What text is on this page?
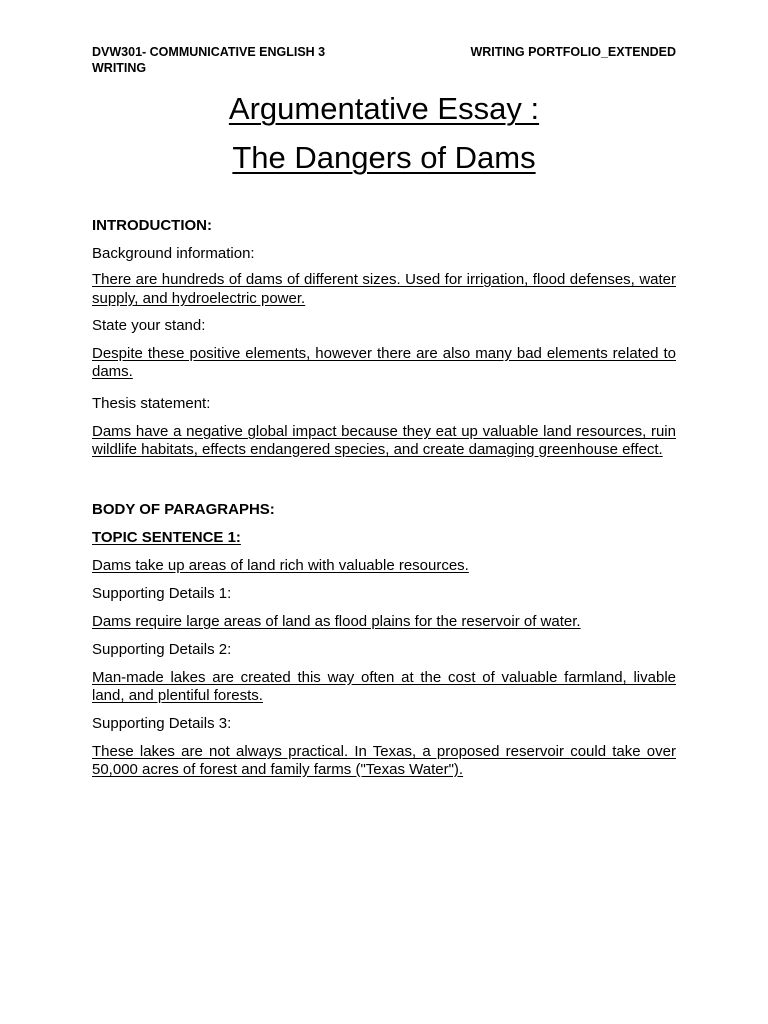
DVW301- COMMUNICATIVE ENGLISH 3 WRITING
WRITING PORTFOLIO_EXTENDED
Argumentative Essay :
The Dangers of Dams
INTRODUCTION:
Background information:
There are hundreds of dams of different sizes. Used for irrigation, flood defenses, water supply, and hydroelectric power.
State your stand:
Despite these positive elements, however there are also many bad elements related to dams.
Thesis statement:
Dams have a negative global impact because they eat up valuable land resources, ruin wildlife habitats, effects endangered species, and create damaging greenhouse effect.
BODY OF PARAGRAPHS:
TOPIC SENTENCE 1:
Dams take up areas of land rich with valuable resources.
Supporting Details 1:
Dams require large areas of land as flood plains for the reservoir of water.
Supporting Details 2:
Man-made lakes are created this way often at the cost of valuable farmland, livable land, and plentiful forests.
Supporting Details 3:
These lakes are not always practical. In Texas, a proposed reservoir could take over 50,000 acres of forest and family farms ("Texas Water").
